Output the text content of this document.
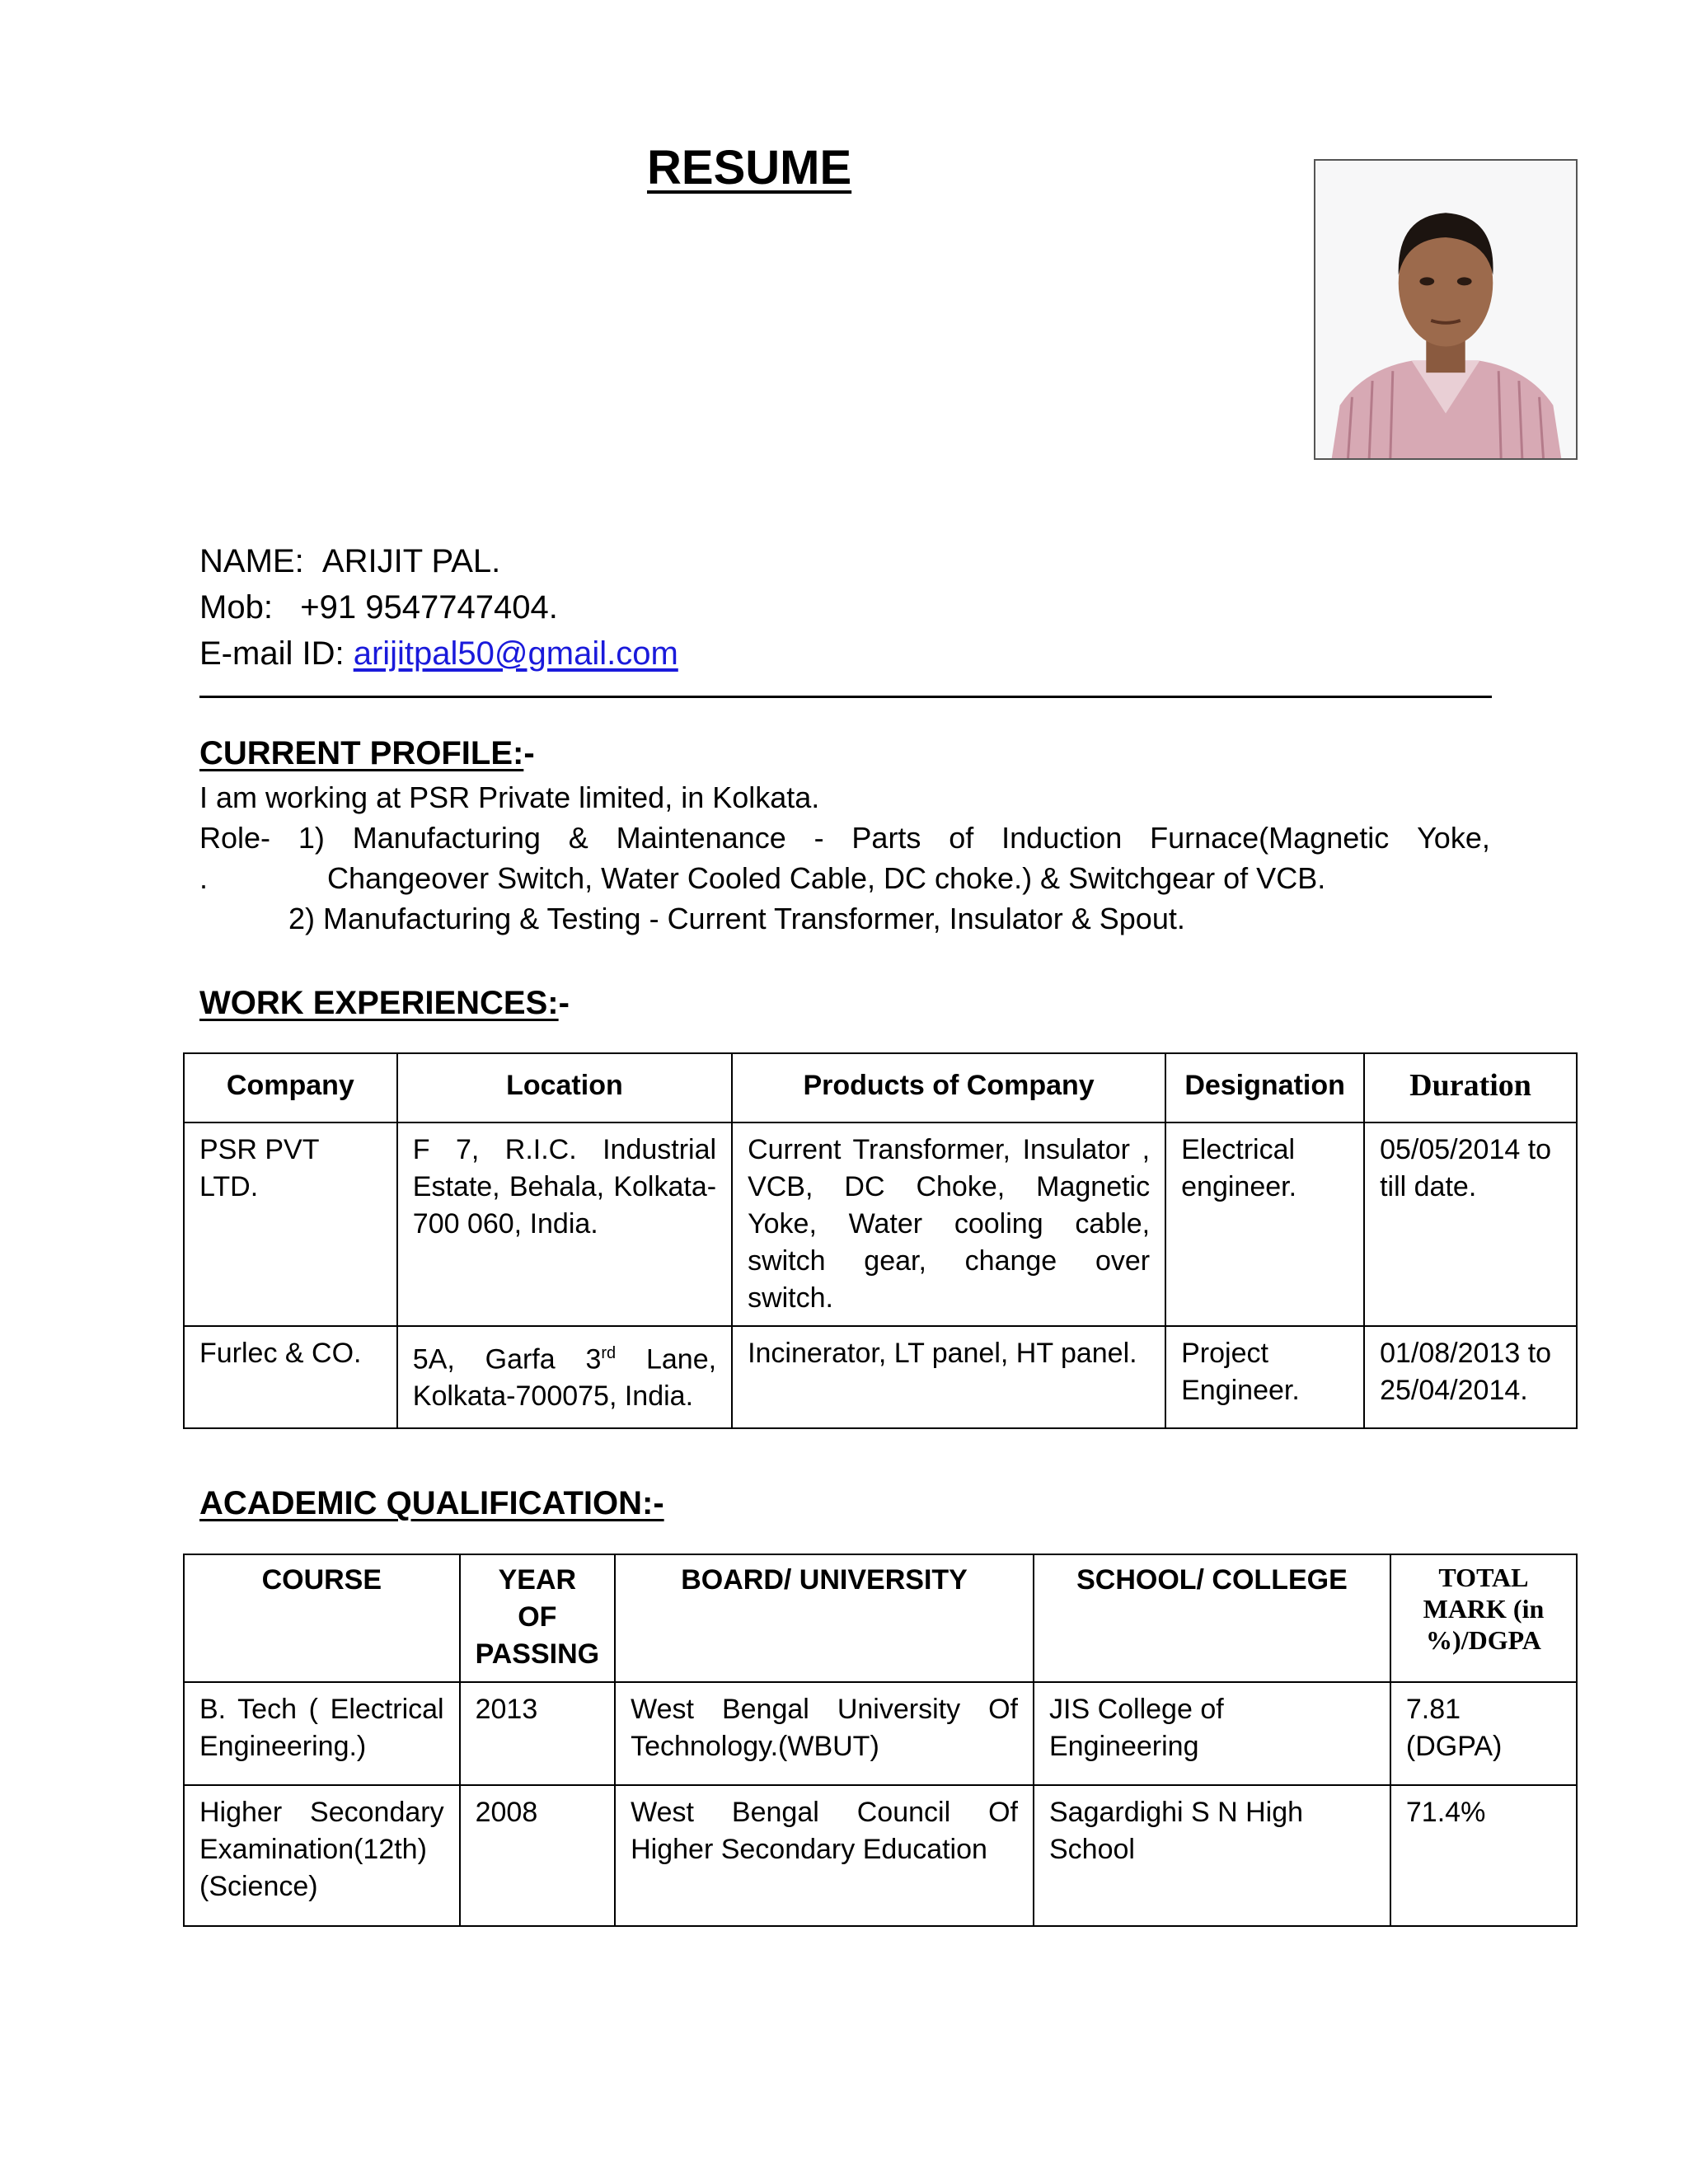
RESUME
NAME: ARIJIT PAL.
Mob: +91 9547747404.
E-mail ID: arijitpal50@gmail.com
CURRENT PROFILE:-
I am working at PSR Private limited, in Kolkata.
Role- 1) Manufacturing & Maintenance - Parts of Induction Furnace(Magnetic Yoke,
.	Changeover Switch, Water Cooled Cable, DC choke.) & Switchgear of VCB.
2) Manufacturing & Testing - Current Transformer, Insulator & Spout.
WORK EXPERIENCES:-
Company	Location	Products of Company	Designation	Duration
PSR PVT LTD.	F 7, R.I.C. Industrial Estate, Behala, Kolkata-700 060, India.	Current Transformer, Insulator , VCB, DC Choke, Magnetic Yoke, Water cooling cable, switch gear, change over switch.	Electrical engineer.	05/05/2014 to till date.
Furlec & CO.	5A, Garfa 3rd Lane, Kolkata-700075, India.	Incinerator, LT panel, HT panel.	Project Engineer.	01/08/2013 to 25/04/2014.
ACADEMIC QUALIFICATION:-
COURSE	YEAR OF PASSING	BOARD/ UNIVERSITY	SCHOOL/ COLLEGE	TOTAL MARK (in %)/DGPA
B. Tech ( Electrical Engineering.)	2013	West Bengal University Of Technology.(WBUT)	JIS College of Engineering	7.81 (DGPA)
Higher Secondary Examination(12th) (Science)	2008	West Bengal Council Of Higher Secondary Education	Sagardighi S N High School	71.4%
